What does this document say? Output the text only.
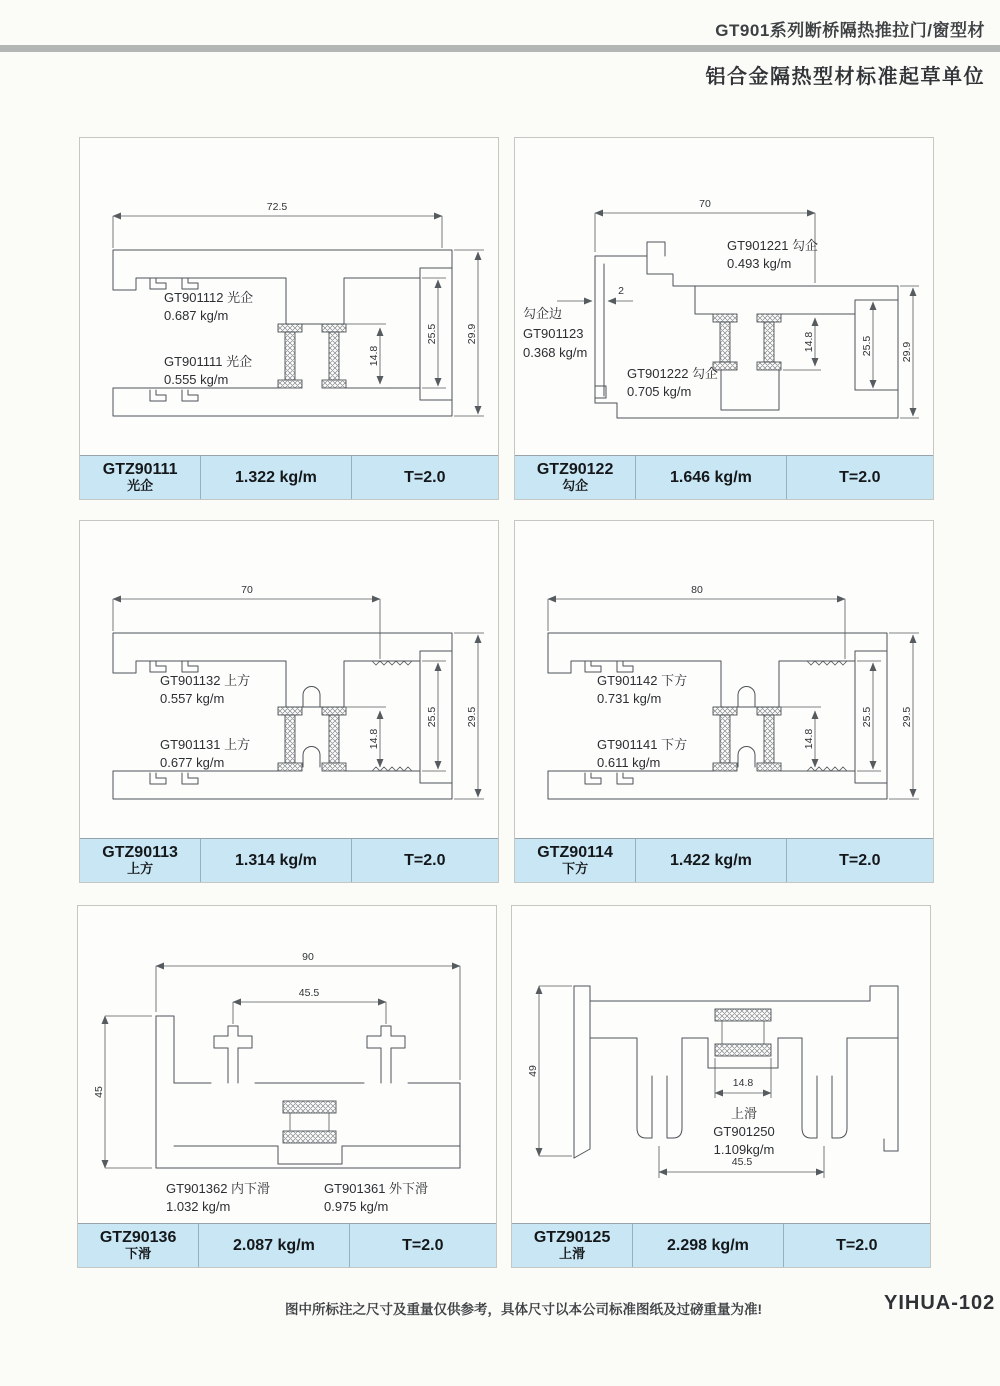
GT901系列断桥隔热推拉门/窗型材
铝合金隔热型材标准起草单位
72.5
14.8
25.5	29.9
GT901112 光企
0.687 kg/m
GT901111 光企
0.555 kg/m
GTZ90111
光企	1.322 kg/m	T=2.0
70
2
勾企边
GT901123
0.368 kg/m
14.8	25.5	29.9
GT901221 勾企
0.493 kg/m
GT901222 勾企
0.705 kg/m
GTZ90122
勾企	1.646 kg/m	T=2.0
70
14.8
25.5	29.5
GT901132 上方
0.557 kg/m
GT901131 上方
0.677 kg/m
GTZ90113
上方	1.314 kg/m	T=2.0
80
14.8
25.5	29.5
GT901142 下方
0.731 kg/m
GT901141 下方
0.611 kg/m
GTZ90114
下方	1.422 kg/m	T=2.0
90
45.5
45
GT901362 内下滑
1.032 kg/m
GT901361 外下滑
0.975 kg/m
GTZ90136
下滑	2.087 kg/m	T=2.0
49
14.8
上滑
GT901250
1.109kg/m
45.5
GTZ90125
上滑	2.298 kg/m	T=2.0
图中所标注之尺寸及重量仅供参考，具体尺寸以本公司标准图纸及过磅重量为准!	YIHUA-102
